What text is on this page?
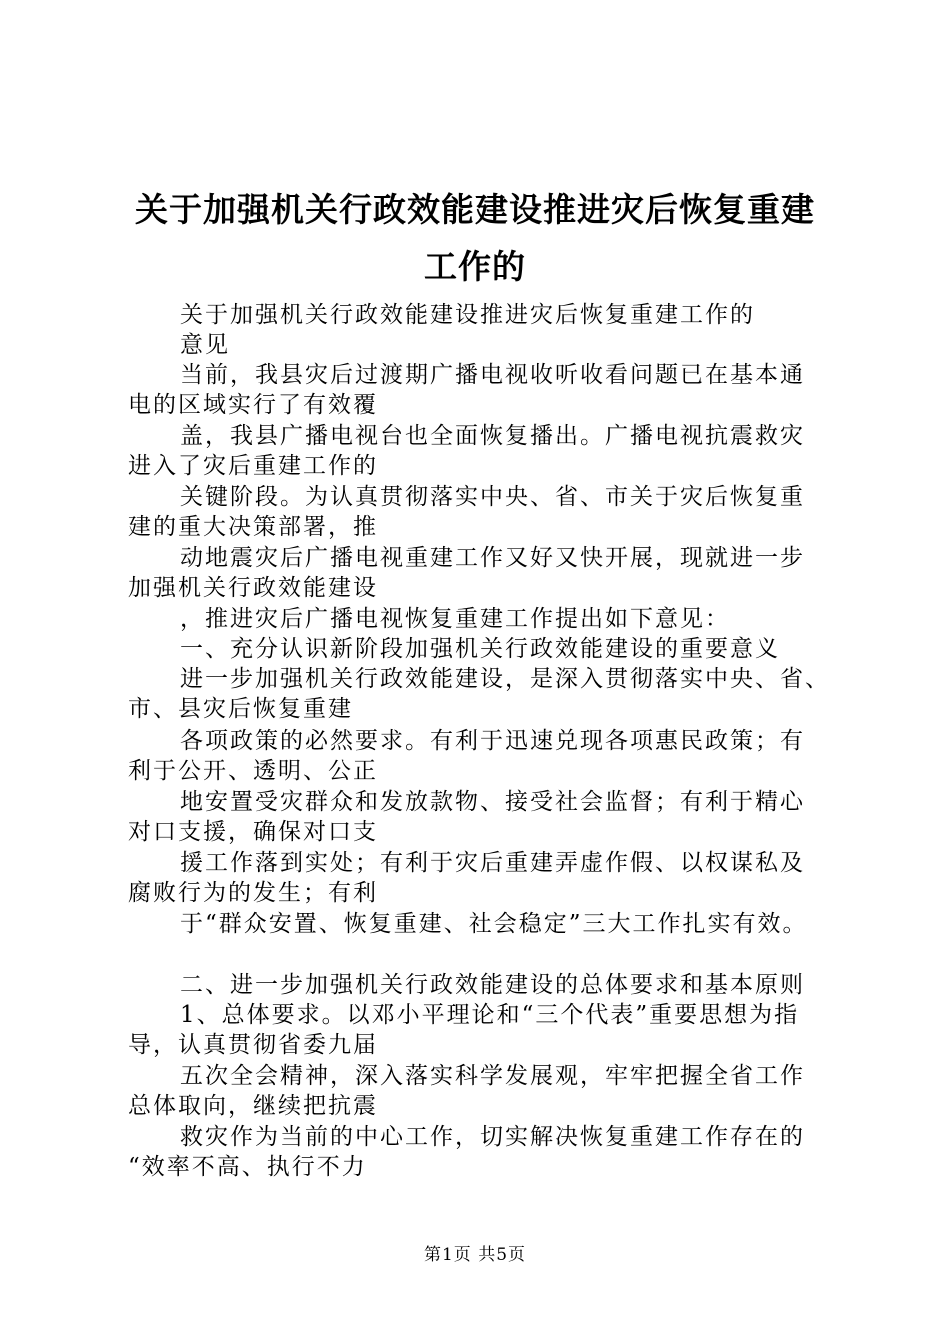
关于加强机关行政效能建设推进灾后恢复重建
工作的
关于加强机关行政效能建设推进灾后恢复重建工作的
意见
当前，我县灾后过渡期广播电视收听收看问题已在基本通
电的区域实行了有效覆
盖，我县广播电视台也全面恢复播出。广播电视抗震救灾
进入了灾后重建工作的
关键阶段。为认真贯彻落实中央、省、市关于灾后恢复重
建的重大决策部署，推
动地震灾后广播电视重建工作又好又快开展，现就进一步
加强机关行政效能建设
，推进灾后广播电视恢复重建工作提出如下意见：
一、充分认识新阶段加强机关行政效能建设的重要意义
进一步加强机关行政效能建设，是深入贯彻落实中央、省、
市、县灾后恢复重建
各项政策的必然要求。有利于迅速兑现各项惠民政策；有
利于公开、透明、公正
地安置受灾群众和发放款物、接受社会监督；有利于精心
对口支援，确保对口支
援工作落到实处；有利于灾后重建弄虚作假、以权谋私及
腐败行为的发生；有利
于“群众安置、恢复重建、社会稳定”三大工作扎实有效。
二、进一步加强机关行政效能建设的总体要求和基本原则
1、总体要求。以邓小平理论和“三个代表”重要思想为指
导，认真贯彻省委九届
五次全会精神，深入落实科学发展观，牢牢把握全省工作
总体取向，继续把抗震
救灾作为当前的中心工作，切实解决恢复重建工作存在的
“效率不高、执行不力
第1页 共5页
